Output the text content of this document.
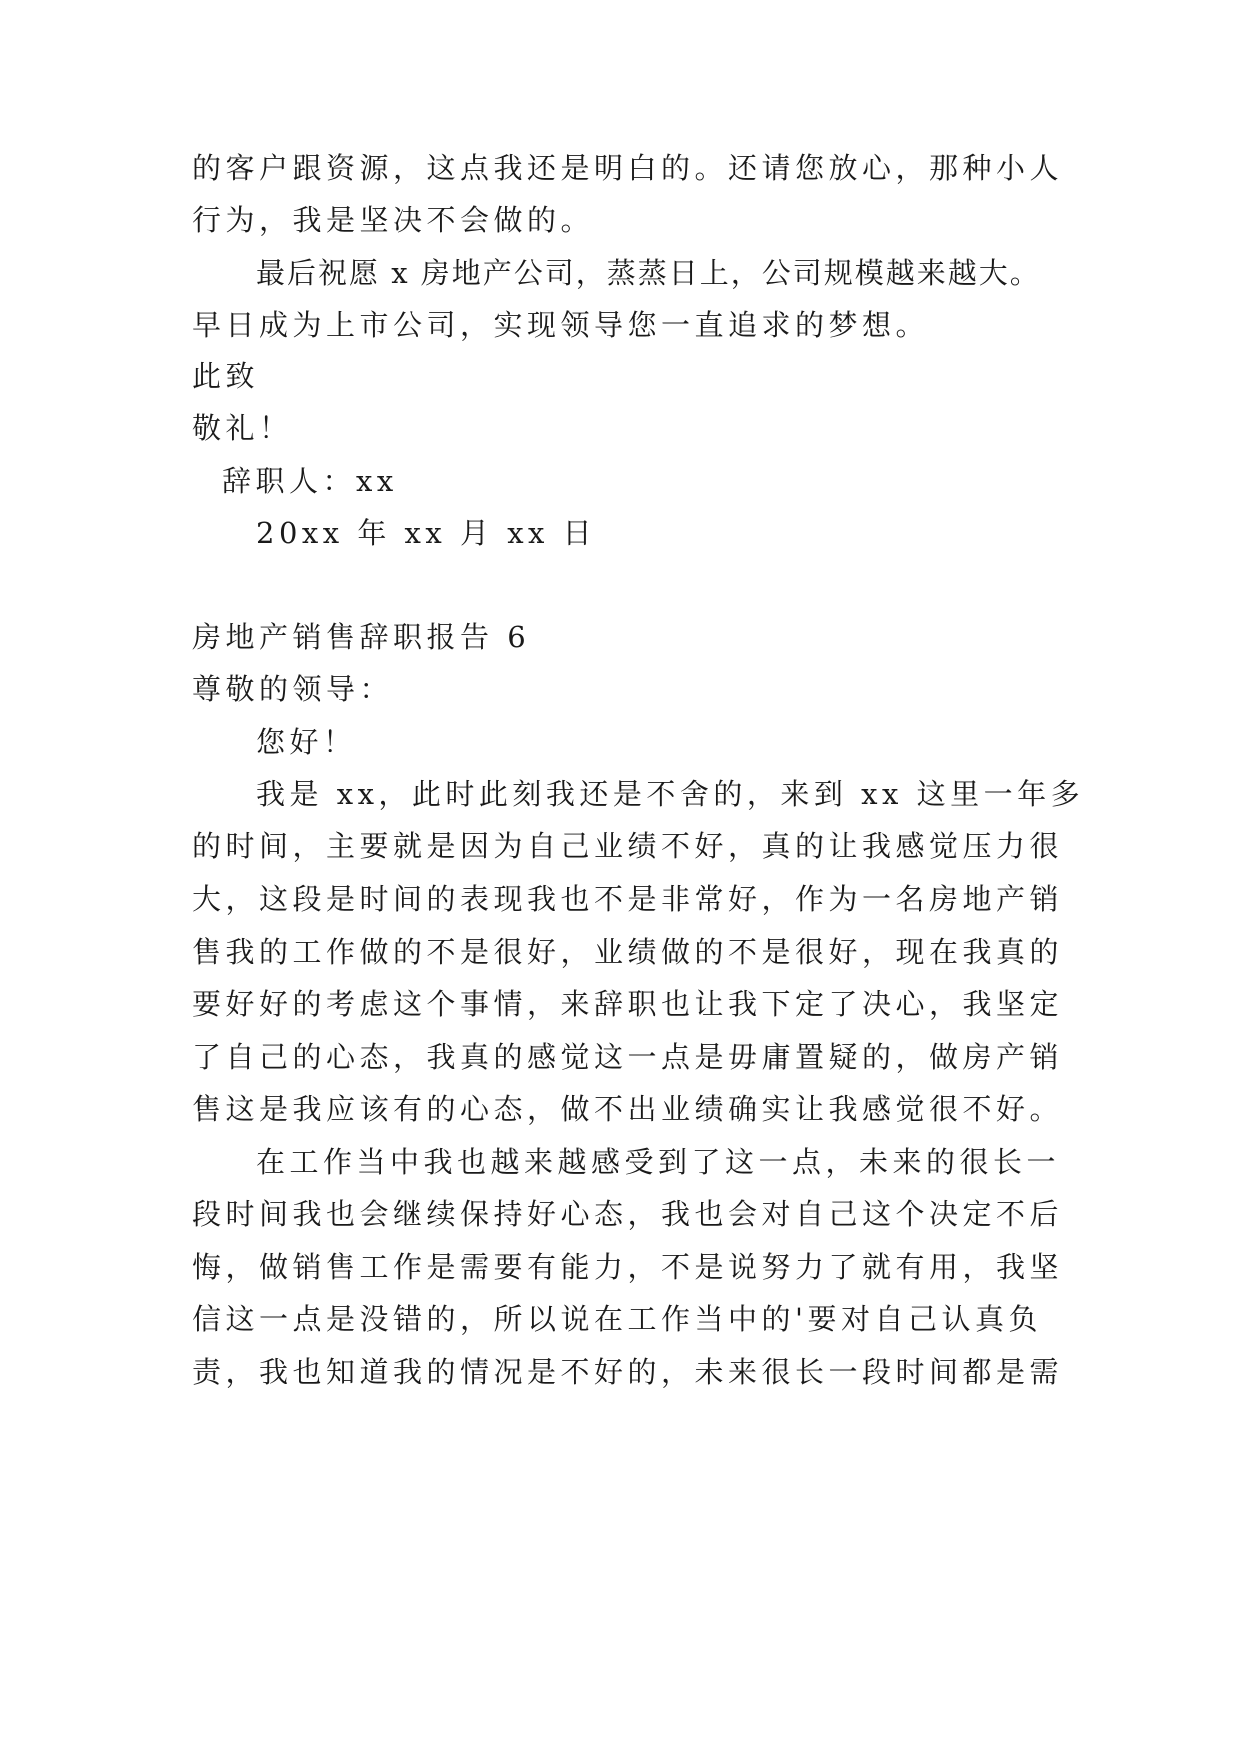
的客户跟资源，这点我还是明白的。还请您放心，那种小人
行为，我是坚决不会做的。
最后祝愿 x 房地产公司，蒸蒸日上，公司规模越来越大。
早日成为上市公司，实现领导您一直追求的梦想。
此致
敬礼！
辞职人：xx
20xx 年 xx 月 xx 日
房地产销售辞职报告 6
尊敬的领导：
您好！
我是 xx，此时此刻我还是不舍的，来到 xx 这里一年多
的时间，主要就是因为自己业绩不好，真的让我感觉压力很
大，这段是时间的表现我也不是非常好，作为一名房地产销
售我的工作做的不是很好，业绩做的不是很好，现在我真的
要好好的考虑这个事情，来辞职也让我下定了决心，我坚定
了自己的心态，我真的感觉这一点是毋庸置疑的，做房产销
售这是我应该有的心态，做不出业绩确实让我感觉很不好。
在工作当中我也越来越感受到了这一点，未来的很长一
段时间我也会继续保持好心态，我也会对自己这个决定不后
悔，做销售工作是需要有能力，不是说努力了就有用，我坚
信这一点是没错的，所以说在工作当中的'要对自己认真负
责，我也知道我的情况是不好的，未来很长一段时间都是需
